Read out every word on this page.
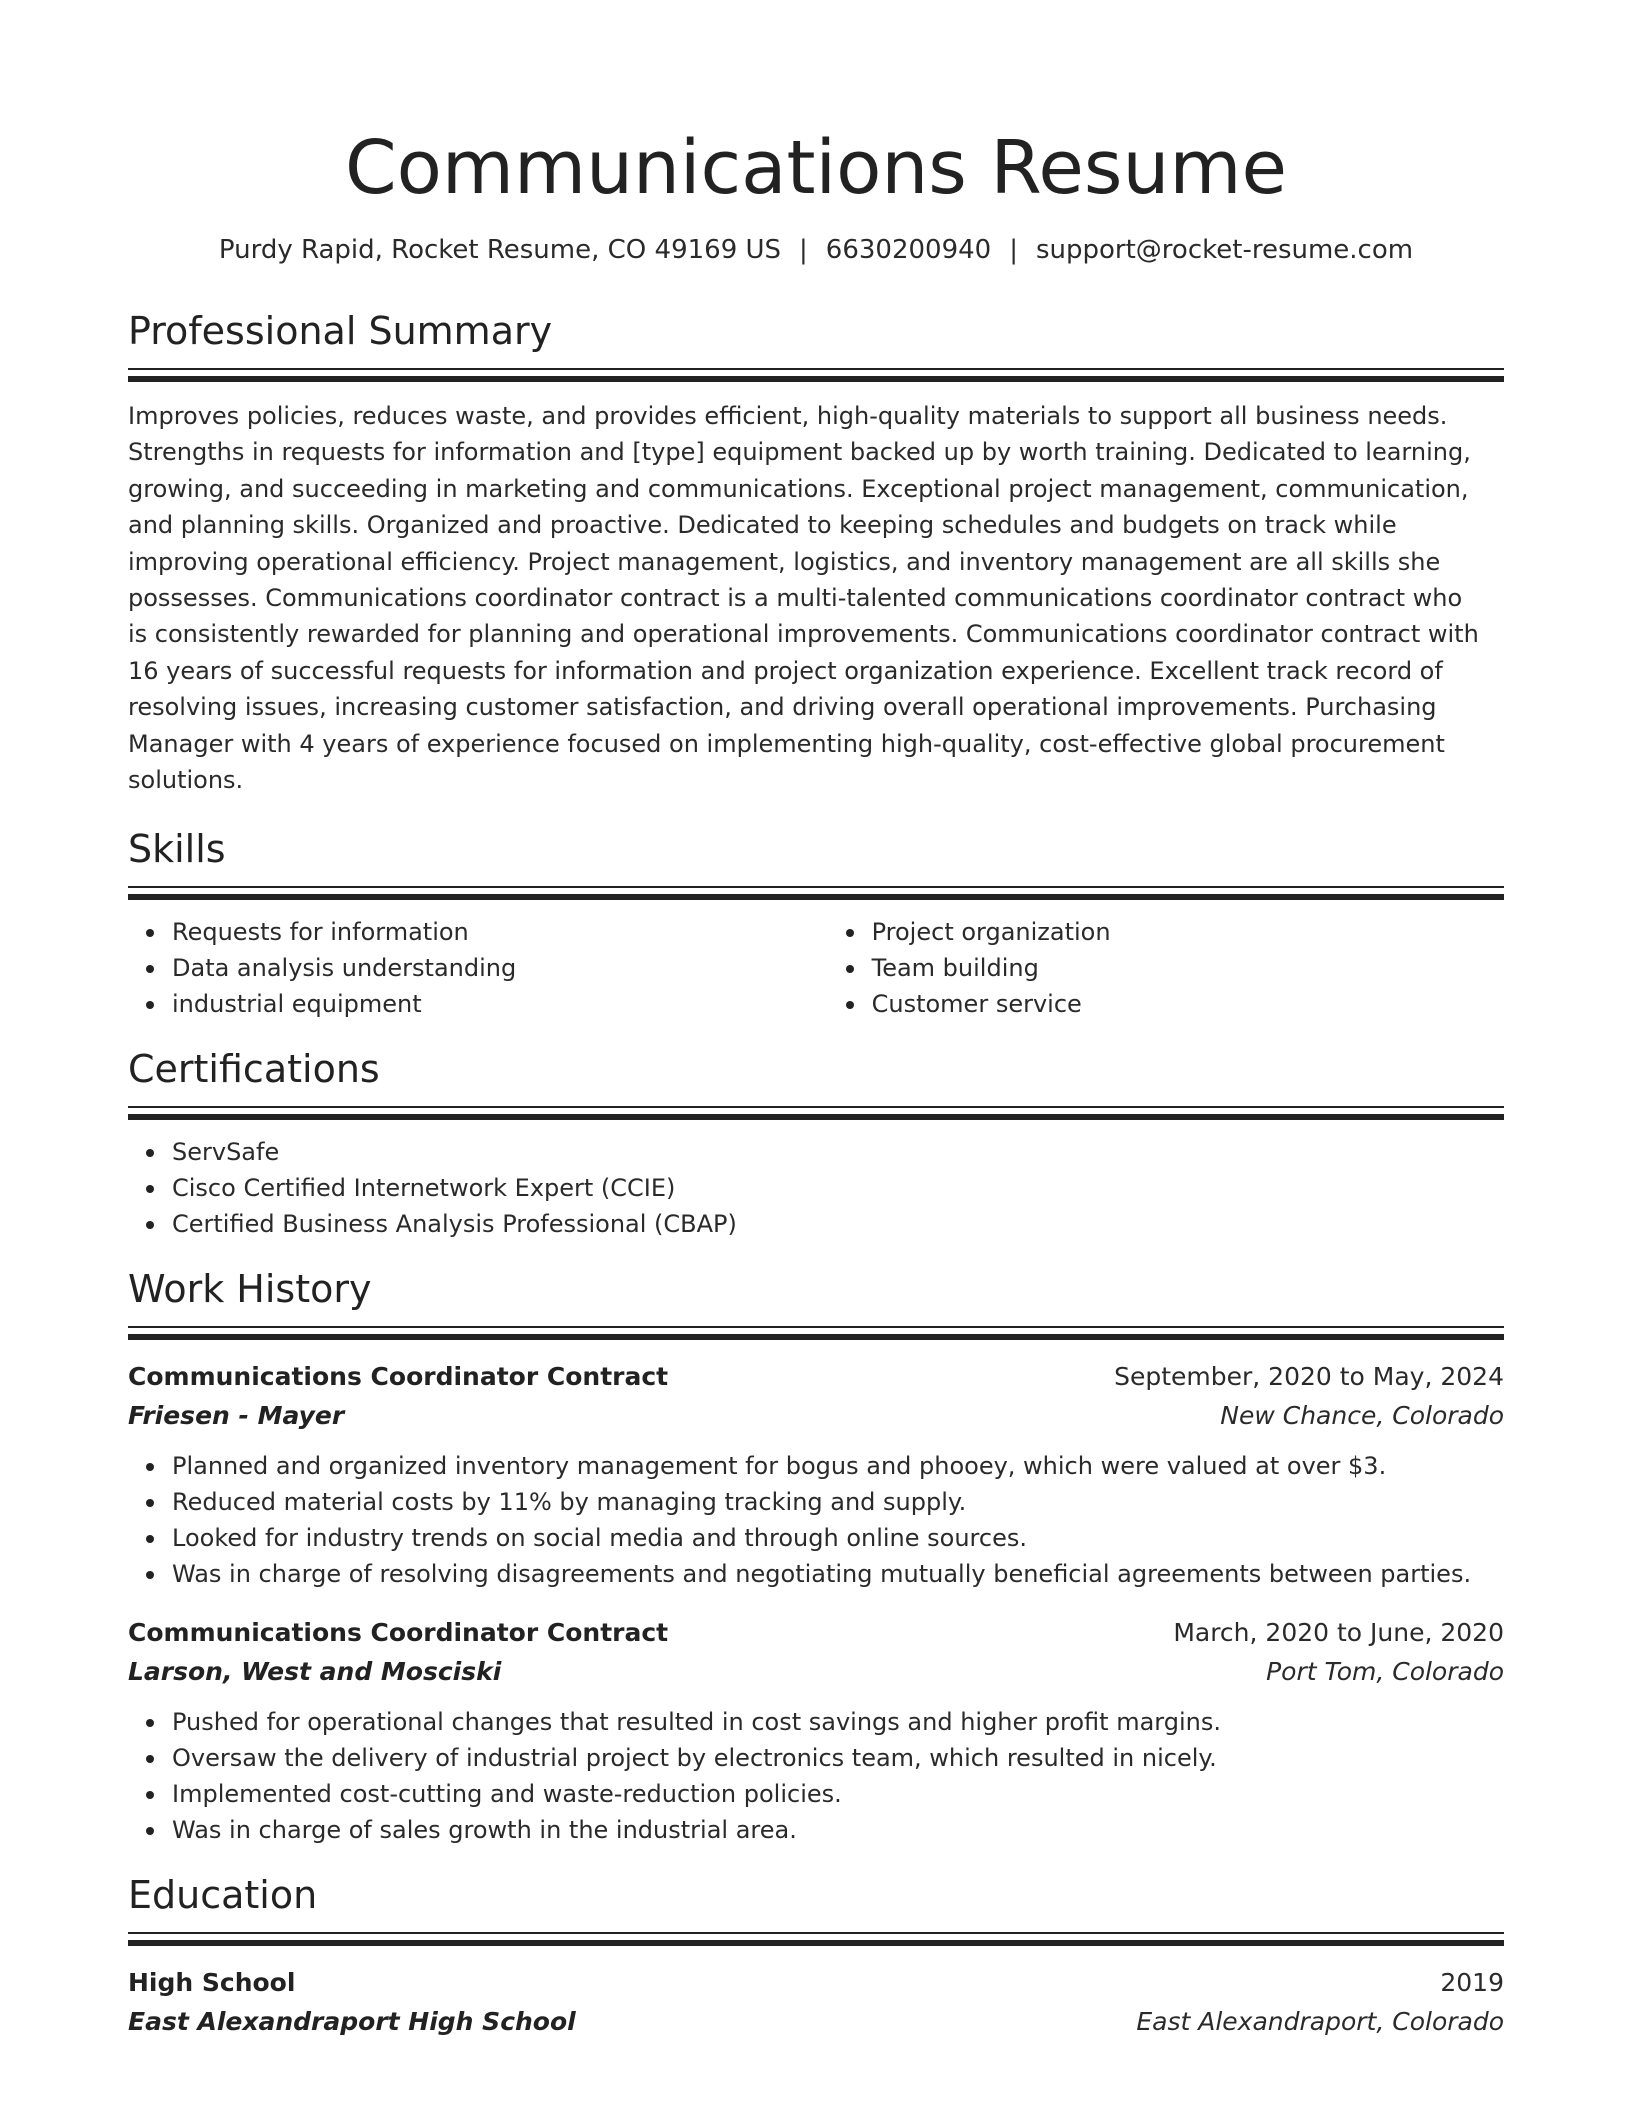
Communications Resume
Purdy Rapid, Rocket Resume, CO 49169 US | 6630200940 | support@rocket-resume.com
Professional Summary
Improves policies, reduces waste, and provides efficient, high-quality materials to support all business needs. Strengths in requests for information and [type] equipment backed up by worth training. Dedicated to learning, growing, and succeeding in marketing and communications. Exceptional project management, communication, and planning skills. Organized and proactive. Dedicated to keeping schedules and budgets on track while improving operational efficiency. Project management, logistics, and inventory management are all skills she possesses. Communications coordinator contract is a multi-talented communications coordinator contract who is consistently rewarded for planning and operational improvements. Communications coordinator contract with 16 years of successful requests for information and project organization experience. Excellent track record of resolving issues, increasing customer satisfaction, and driving overall operational improvements. Purchasing Manager with 4 years of experience focused on implementing high-quality, cost-effective global procurement solutions.
Skills
Requests for information
Data analysis understanding
industrial equipment
Project organization
Team building
Customer service
Certifications
ServSafe
Cisco Certified Internetwork Expert (CCIE)
Certified Business Analysis Professional (CBAP)
Work History
Communications Coordinator Contract	September, 2020 to May, 2024
Friesen - Mayer	New Chance, Colorado
Planned and organized inventory management for bogus and phooey, which were valued at over $3.
Reduced material costs by 11% by managing tracking and supply.
Looked for industry trends on social media and through online sources.
Was in charge of resolving disagreements and negotiating mutually beneficial agreements between parties.
Communications Coordinator Contract	March, 2020 to June, 2020
Larson, West and Mosciski	Port Tom, Colorado
Pushed for operational changes that resulted in cost savings and higher profit margins.
Oversaw the delivery of industrial project by electronics team, which resulted in nicely.
Implemented cost-cutting and waste-reduction policies.
Was in charge of sales growth in the industrial area.
Education
High School	2019
East Alexandraport High School	East Alexandraport, Colorado
